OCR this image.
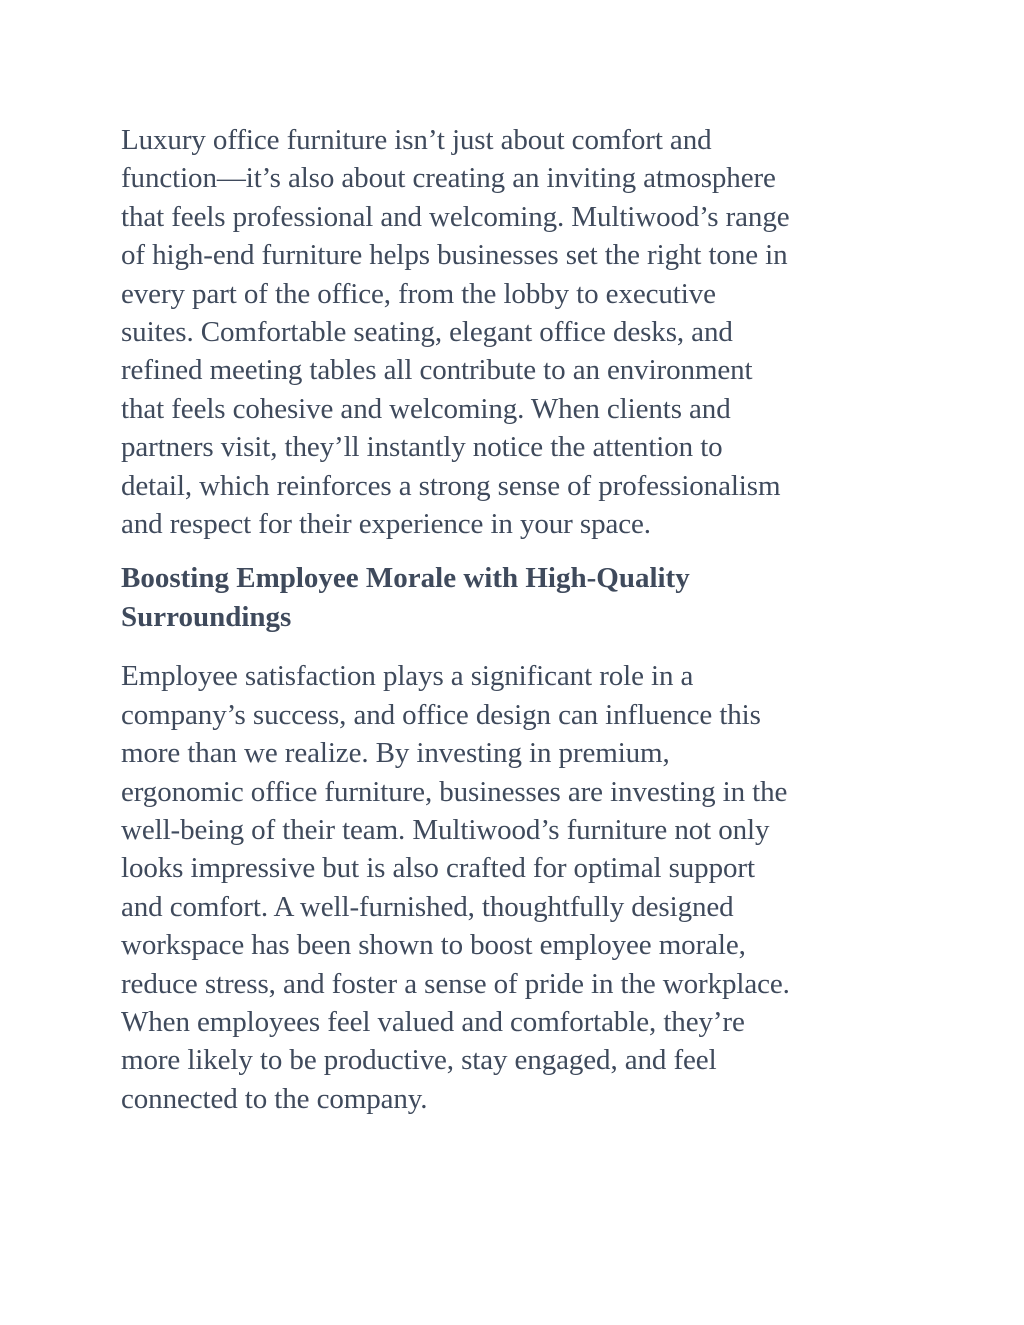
Luxury office furniture isn’t just about comfort and
function—it’s also about creating an inviting atmosphere
that feels professional and welcoming. Multiwood’s range
of high-end furniture helps businesses set the right tone in
every part of the office, from the lobby to executive
suites. Comfortable seating, elegant office desks, and
refined meeting tables all contribute to an environment
that feels cohesive and welcoming. When clients and
partners visit, they’ll instantly notice the attention to
detail, which reinforces a strong sense of professionalism
and respect for their experience in your space.

Boosting Employee Morale with High-Quality
Surroundings

Employee satisfaction plays a significant role in a
company’s success, and office design can influence this
more than we realize. By investing in premium,
ergonomic office furniture, businesses are investing in the
well-being of their team. Multiwood’s furniture not only
looks impressive but is also crafted for optimal support
and comfort. A well-furnished, thoughtfully designed
workspace has been shown to boost employee morale,
reduce stress, and foster a sense of pride in the workplace.
When employees feel valued and comfortable, they’re
more likely to be productive, stay engaged, and feel
connected to the company.
